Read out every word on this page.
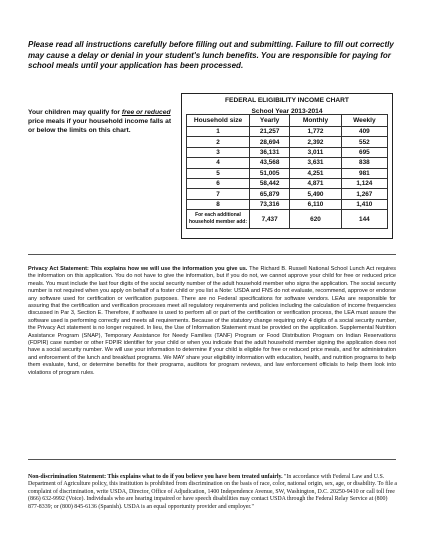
Please read all instructions carefully before filling out and submitting. Failure to fill out correctly may cause a delay or denial in your student's lunch benefits. You are responsible for paying for school meals until your application has been processed.
Your children may qualify for free or reduced price meals if your household income falls at or below the limits on this chart.
FEDERAL ELIGIBILITY INCOME CHART
School Year 2013-2014
Household size	Yearly	Monthly	Weekly
1	21,257	1,772	409
2	28,694	2,392	552
3	36,131	3,011	695
4	43,568	3,631	838
5	51,005	4,251	981
6	58,442	4,871	1,124
7	65,879	5,490	1,267
8	73,316	6,110	1,410
For each additional household member add:	7,437	620	144
Privacy Act Statement: This explains how we will use the information you give us. The Richard B. Russell National School Lunch Act requires the information on this application. You do not have to give the information, but if you do not, we cannot approve your child for free or reduced price meals. You must include the last four digits of the social security number of the adult household member who signs the application. The social security number is not required when you apply on behalf of a foster child or you list a Note: USDA and FNS do not evaluate, recommend, approve or endorse any software used for certification or verification purposes. There are no Federal specifications for software vendors. LEAs are responsible for assuring that the certification and verification processes meet all regulatory requirements and policies including the calculation of income frequencies discussed in Par 3, Section E. Therefore, if software is used to perform all or part of the certification or verification process, the LEA must assure the software used is performing correctly and meets all requirements. Because of the statutory change requiring only 4 digits of a social security number, the Privacy Act statement is no longer required. In lieu, the Use of Information Statement must be provided on the application. Supplemental Nutrition Assistance Program (SNAP), Temporary Assistance for Needy Families (TANF) Program or Food Distribution Program on Indian Reservations (FDPIR) case number or other FDPIR identifier for your child or when you indicate that the adult household member signing the application does not have a social security number. We will use your information to determine if your child is eligible for free or reduced price meals, and for administration and enforcement of the lunch and breakfast programs. We MAY share your eligibility information with education, health, and nutrition programs to help them evaluate, fund, or determine benefits for their programs, auditors for program reviews, and law enforcement officials to help them look into violations of program rules.
Non-discrimination Statement: This explains what to do if you believe you have been treated unfairly. "In accordance with Federal Law and U.S. Department of Agriculture policy, this institution is prohibited from discrimination on the basis of race, color, national origin, sex, age, or disability. To file a complaint of discrimination, write USDA, Director, Office of Adjudication, 1400 Independence Avenue, SW, Washington, D.C. 20250-9410 or call toll free (866) 632-9992 (Voice). Individuals who are hearing impaired or have speech disabilities may contact USDA through the Federal Relay Service at (800) 877-8339; or (800) 845-6136 (Spanish). USDA is an equal opportunity provider and employer."
